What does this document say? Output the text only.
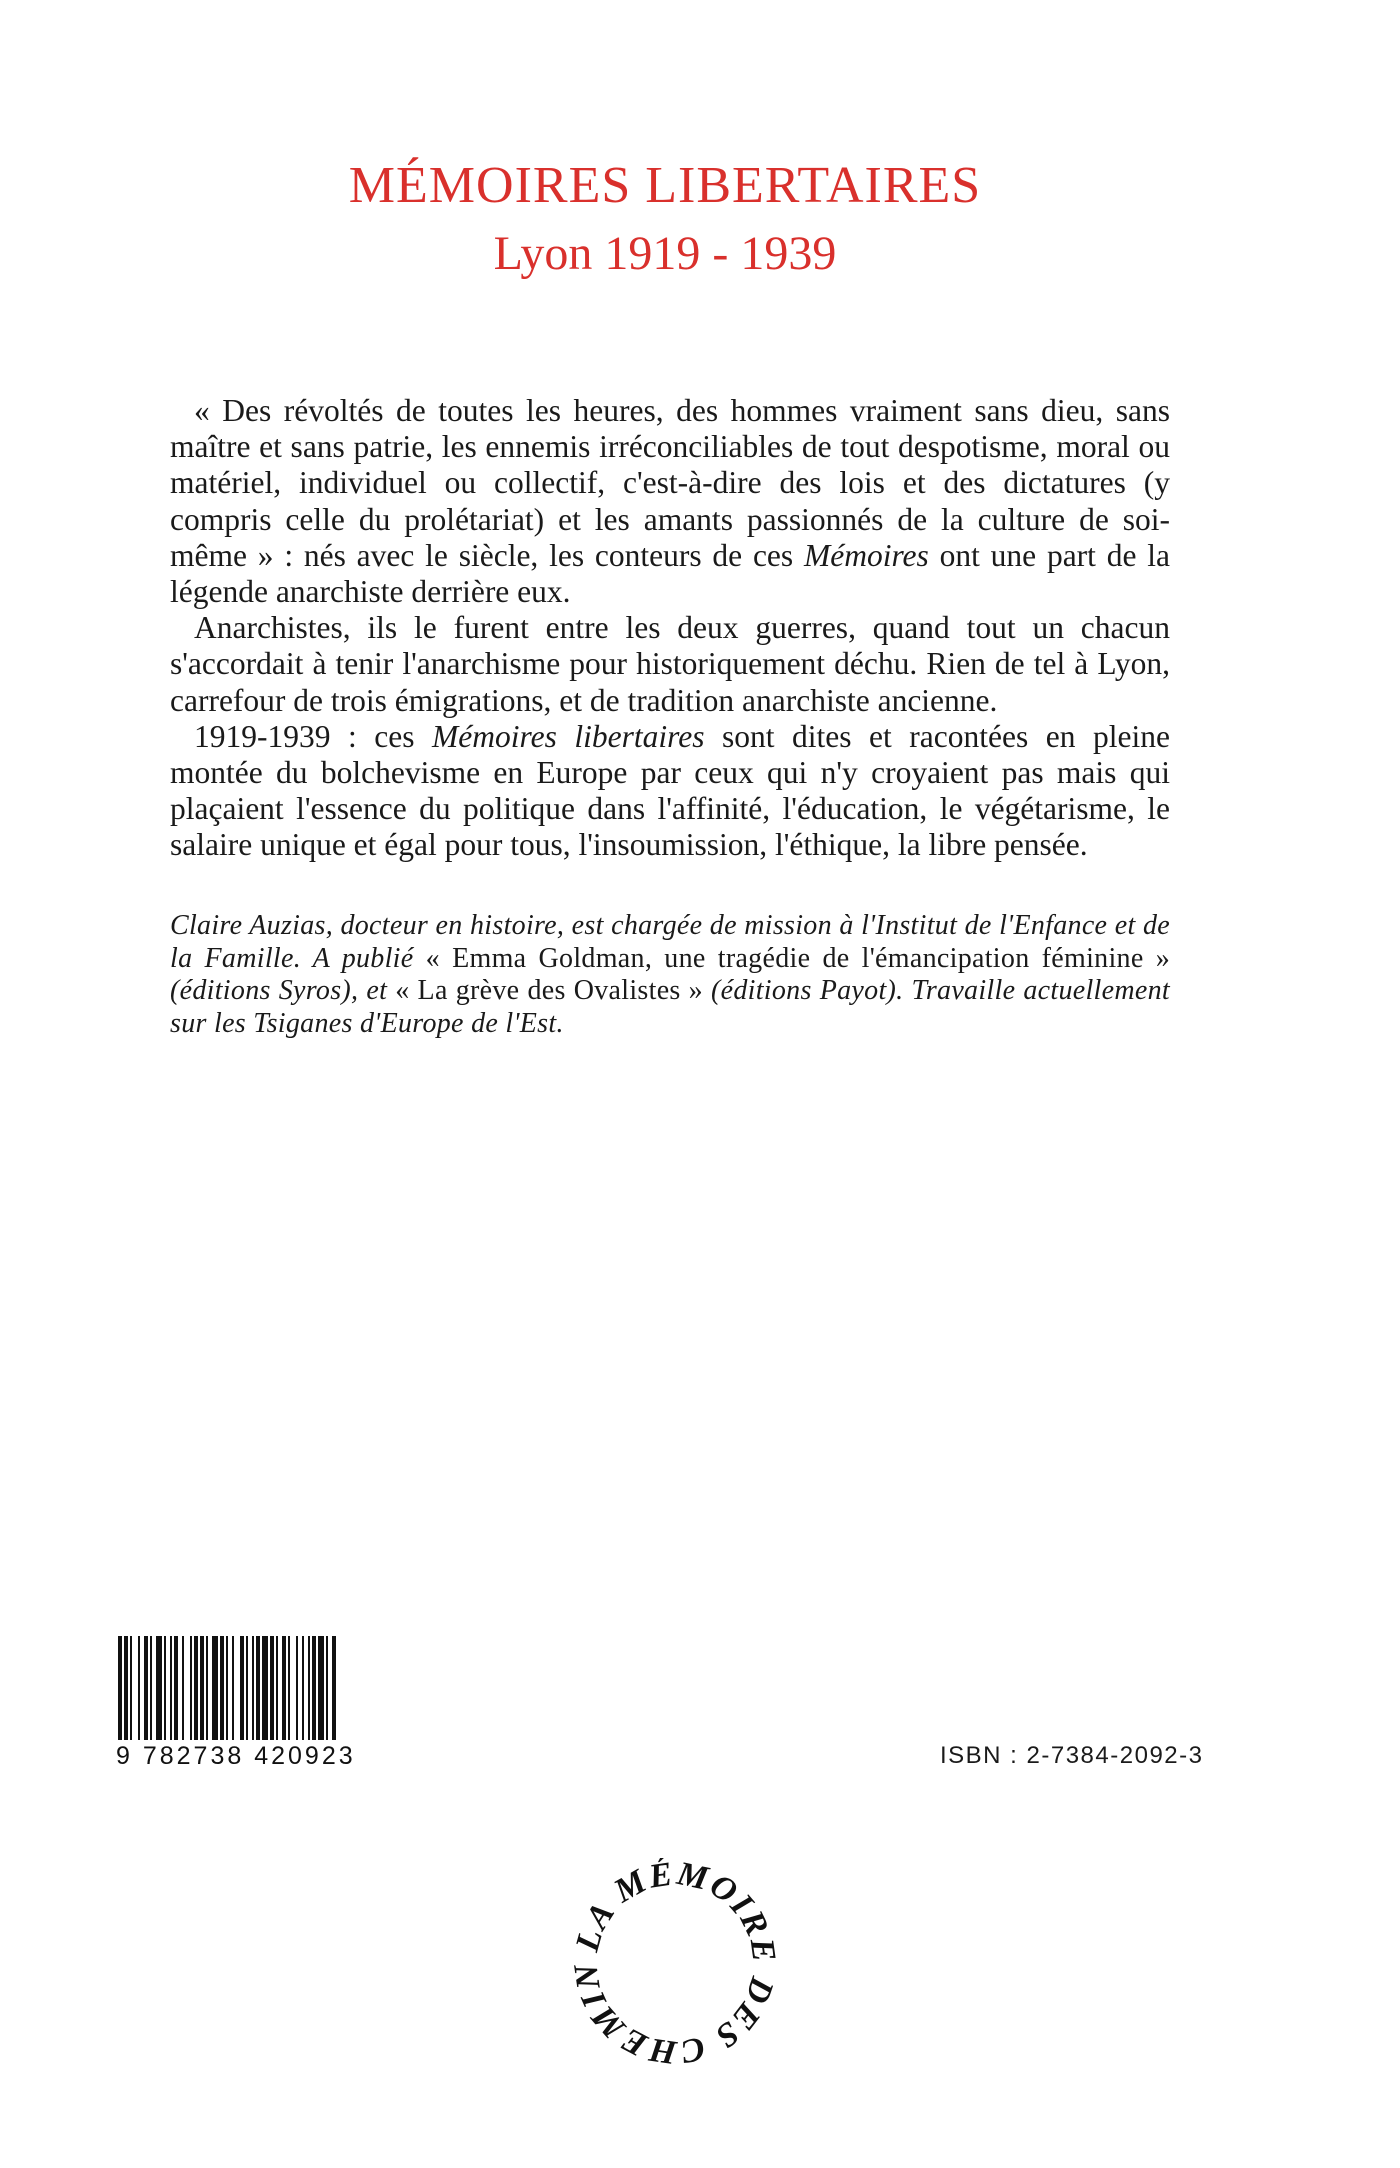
MÉMOIRES LIBERTAIRES
Lyon 1919 - 1939

« Des révoltés de toutes les heures, des hommes vraiment sans dieu, sans maître et sans patrie, les ennemis irréconciliables de tout despotisme, moral ou matériel, individuel ou collectif, c'est-à-dire des lois et des dictatures (y compris celle du prolétariat) et les amants passionnés de la culture de soi-même » : nés avec le siècle, les conteurs de ces Mémoires ont une part de la légende anarchiste derrière eux.

Anarchistes, ils le furent entre les deux guerres, quand tout un chacun s'accordait à tenir l'anarchisme pour historiquement déchu. Rien de tel à Lyon, carrefour de trois émigrations, et de tradition anarchiste ancienne.

1919-1939 : ces Mémoires libertaires sont dites et racontées en pleine montée du bolchevisme en Europe par ceux qui n'y croyaient pas mais qui plaçaient l'essence du politique dans l'affinité, l'éducation, le végétarisme, le salaire unique et égal pour tous, l'insoumission, l'éthique, la libre pensée.

Claire Auzias, docteur en histoire, est chargée de mission à l'Institut de l'Enfance et de la Famille. A publié « Emma Goldman, une tragédie de l'émancipation féminine » (éditions Syros), et « La grève des Ovalistes » (éditions Payot). Travaille actuellement sur les Tsiganes d'Europe de l'Est.
9 782738 420923	ISBN : 2-7384-2092-3
LA MÉMOIRE DES CHEMIN
